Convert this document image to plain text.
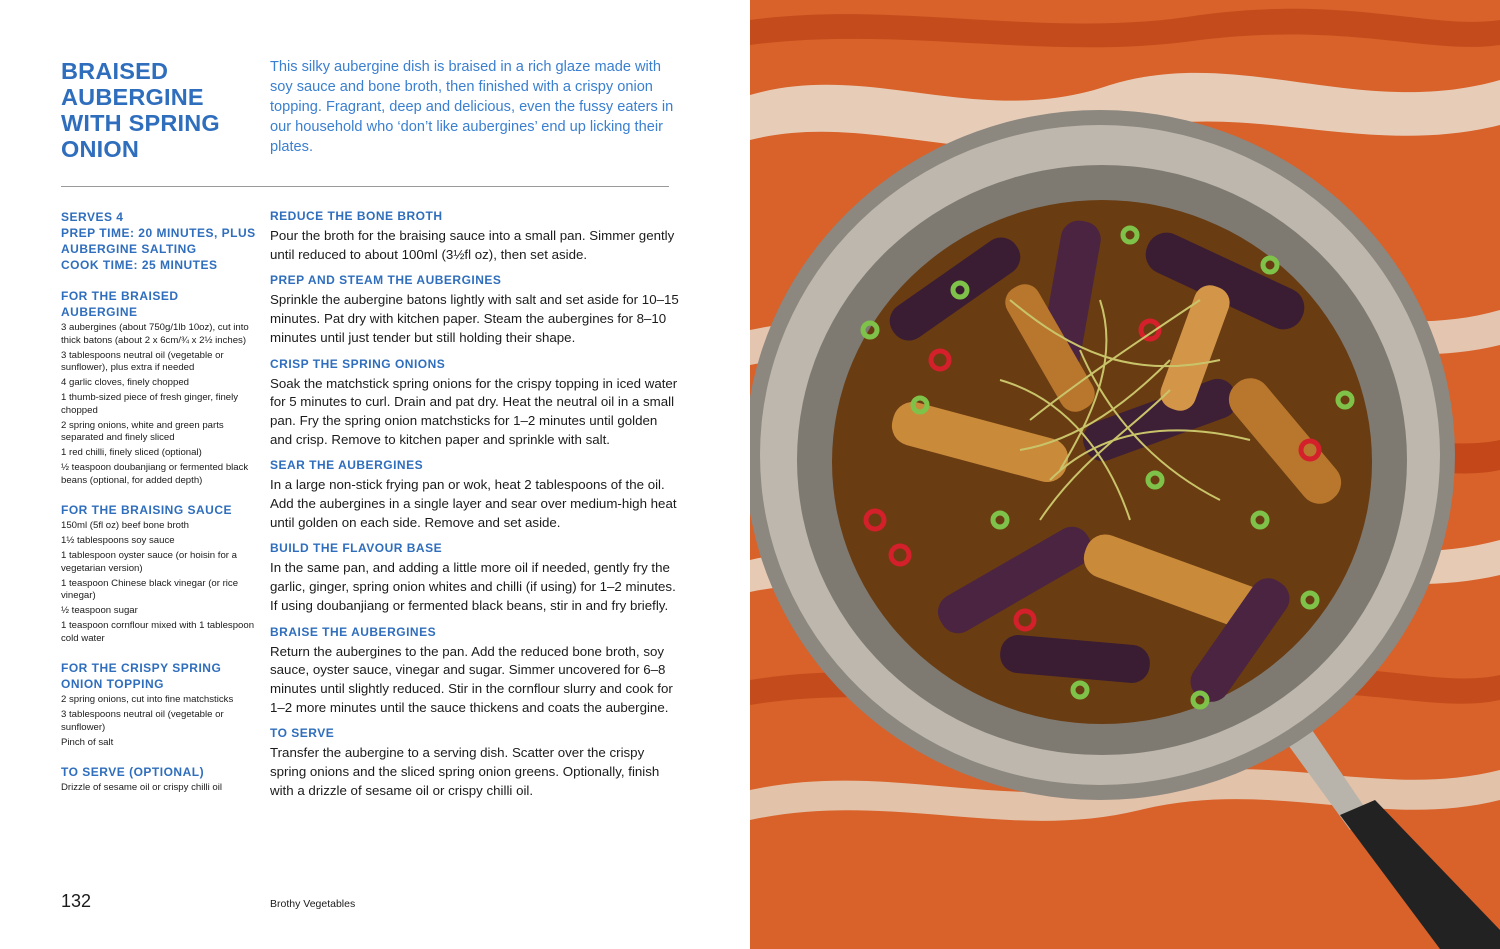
BRAISED AUBERGINE WITH SPRING ONION

This silky aubergine dish is braised in a rich glaze made with soy sauce and bone broth, then finished with a crispy onion topping. Fragrant, deep and delicious, even the fussy eaters in our household who ‘don’t like aubergines’ end up licking their plates.

SERVES 4
PREP TIME: 20 MINUTES, PLUS AUBERGINE SALTING
COOK TIME: 25 MINUTES
FOR THE BRAISED AUBERGINE
3 aubergines (about 750g/1lb 10oz), cut into thick batons (about 2 x 6cm/¾ x 2½ inches)
3 tablespoons neutral oil (vegetable or sunflower), plus extra if needed
4 garlic cloves, finely chopped
1 thumb-sized piece of fresh ginger, finely chopped
2 spring onions, white and green parts separated and finely sliced
1 red chilli, finely sliced (optional)
½ teaspoon doubanjiang or fermented black beans (optional, for added depth)
FOR THE BRAISING SAUCE
150ml (5fl oz) beef bone broth
1½ tablespoons soy sauce
1 tablespoon oyster sauce (or hoisin for a vegetarian version)
1 teaspoon Chinese black vinegar (or rice vinegar)
½ teaspoon sugar
1 teaspoon cornflour mixed with 1 tablespoon cold water
FOR THE CRISPY SPRING ONION TOPPING
2 spring onions, cut into fine matchsticks
3 tablespoons neutral oil (vegetable or sunflower)
Pinch of salt
TO SERVE (OPTIONAL)
Drizzle of sesame oil or crispy chilli oil
REDUCE THE BONE BROTH

Pour the broth for the braising sauce into a small pan. Simmer gently until reduced to about 100ml (3½fl oz), then set aside.

PREP AND STEAM THE AUBERGINES

Sprinkle the aubergine batons lightly with salt and set aside for 10–15 minutes. Pat dry with kitchen paper. Steam the aubergines for 8–10 minutes until just tender but still holding their shape.

CRISP THE SPRING ONIONS

Soak the matchstick spring onions for the crispy topping in iced water for 5 minutes to curl. Drain and pat dry. Heat the neutral oil in a small pan. Fry the spring onion matchsticks for 1–2 minutes until golden and crisp. Remove to kitchen paper and sprinkle with salt.

SEAR THE AUBERGINES

In a large non-stick frying pan or wok, heat 2 tablespoons of the oil. Add the aubergines in a single layer and sear over medium-high heat until golden on each side. Remove and set aside.

BUILD THE FLAVOUR BASE

In the same pan, and adding a little more oil if needed, gently fry the garlic, ginger, spring onion whites and chilli (if using) for 1–2 minutes. If using doubanjiang or fermented black beans, stir in and fry briefly.

BRAISE THE AUBERGINES

Return the aubergines to the pan. Add the reduced bone broth, soy sauce, oyster sauce, vinegar and sugar. Simmer uncovered for 6–8 minutes until slightly reduced. Stir in the cornflour slurry and cook for 1–2 more minutes until the sauce thickens and coats the aubergine.

TO SERVE

Transfer the aubergine to a serving dish. Scatter over the crispy spring onions and the sliced spring onion greens. Optionally, finish with a drizzle of sesame oil or crispy chilli oil.

132	Brothy Vegetables
